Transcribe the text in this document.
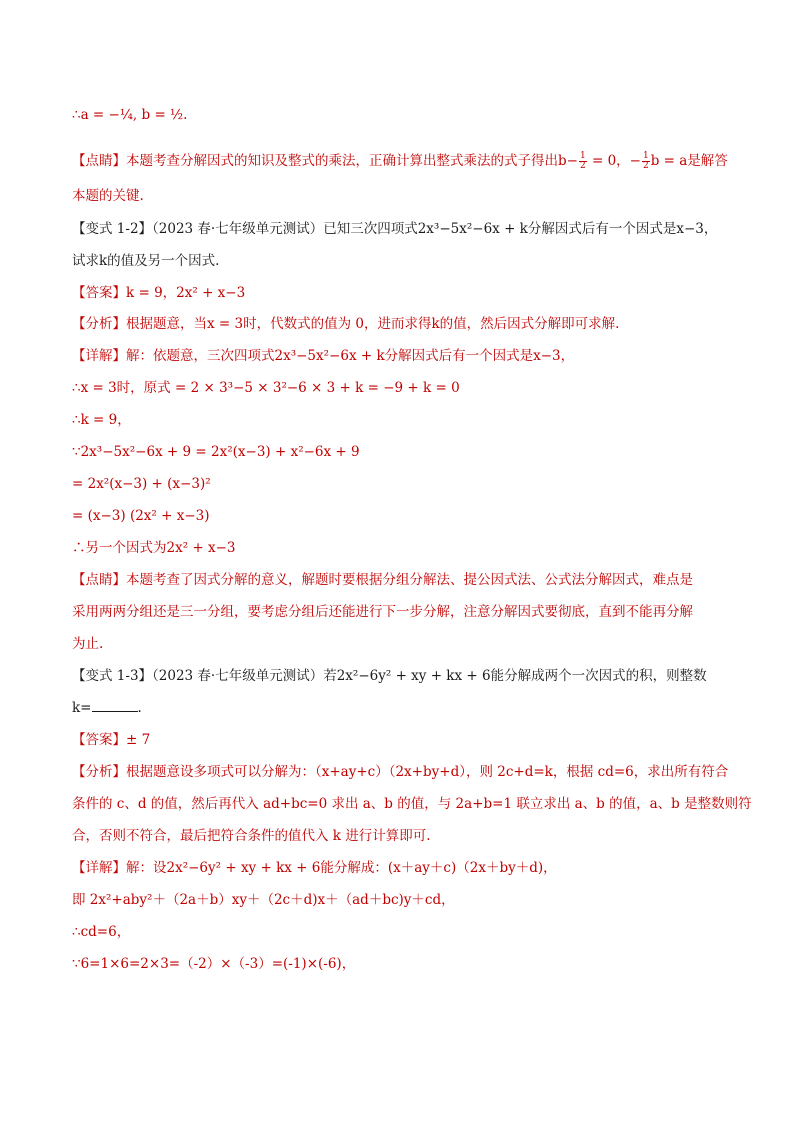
∴a = −¼, b = ½.
【点睛】本题考查分解因式的知识及整式的乘法，正确计算出整式乘法的式子得出$b- \frac{1}{2} = 0$，− $\frac{1}{2}$ b = a是解答
本题的关键.
【变式 1-2】（2023 春·七年级单元测试）已知三次四项式2x³−5x²−6x + k分解因式后有一个因式是x−3，
试求k的值及另一个因式.
【答案】k = 9，2x² + x−3
【分析】根据题意，当x = 3时，代数式的值为 0，进而求得k的值，然后因式分解即可求解.
【详解】解：依题意，三次四项式2x³−5x²−6x + k分解因式后有一个因式是x−3，
∴x = 3时，原式 = 2 × 3³−5 × 3²−6 × 3 + k = −9 + k = 0
∴k = 9，
∵2x³−5x²−6x + 9 = 2x²(x−3) + x²−6x + 9
= 2x²(x−3) + (x−3)²
= (x−3) (2x² + x−3)
∴另一个因式为2x² + x−3
【点睛】本题考查了因式分解的意义，解题时要根据分组分解法、提公因式法、公式法分解因式，难点是
采用两两分组还是三一分组，要考虑分组后还能进行下一步分解，注意分解因式要彻底，直到不能再分解
为止.
【变式 1-3】（2023 春·七年级单元测试）若2x²−6y² + xy + kx + 6能分解成两个一次因式的积，则整数
k=	.
【答案】± 7
【分析】根据题意设多项式可以分解为：（x+ay+c）（2x+by+d），则 2c+d=k，根据 cd=6，求出所有符合
条件的 c、d 的值，然后再代入 ad+bc=0 求出 a、b 的值，与 2a+b=1 联立求出 a、b 的值，a、b 是整数则符
合，否则不符合，最后把符合条件的值代入 k 进行计算即可.
【详解】解：设2x²−6y² + xy + kx + 6能分解成：(x＋ay＋c)（2x＋by＋d)，
即 2x²+aby²＋（2a＋b）xy＋（2c＋d)x＋（ad＋bc)y＋cd，
∴cd=6，
∵6=1×6=2×3=（-2）×（-3）=(-1)×(-6)，
